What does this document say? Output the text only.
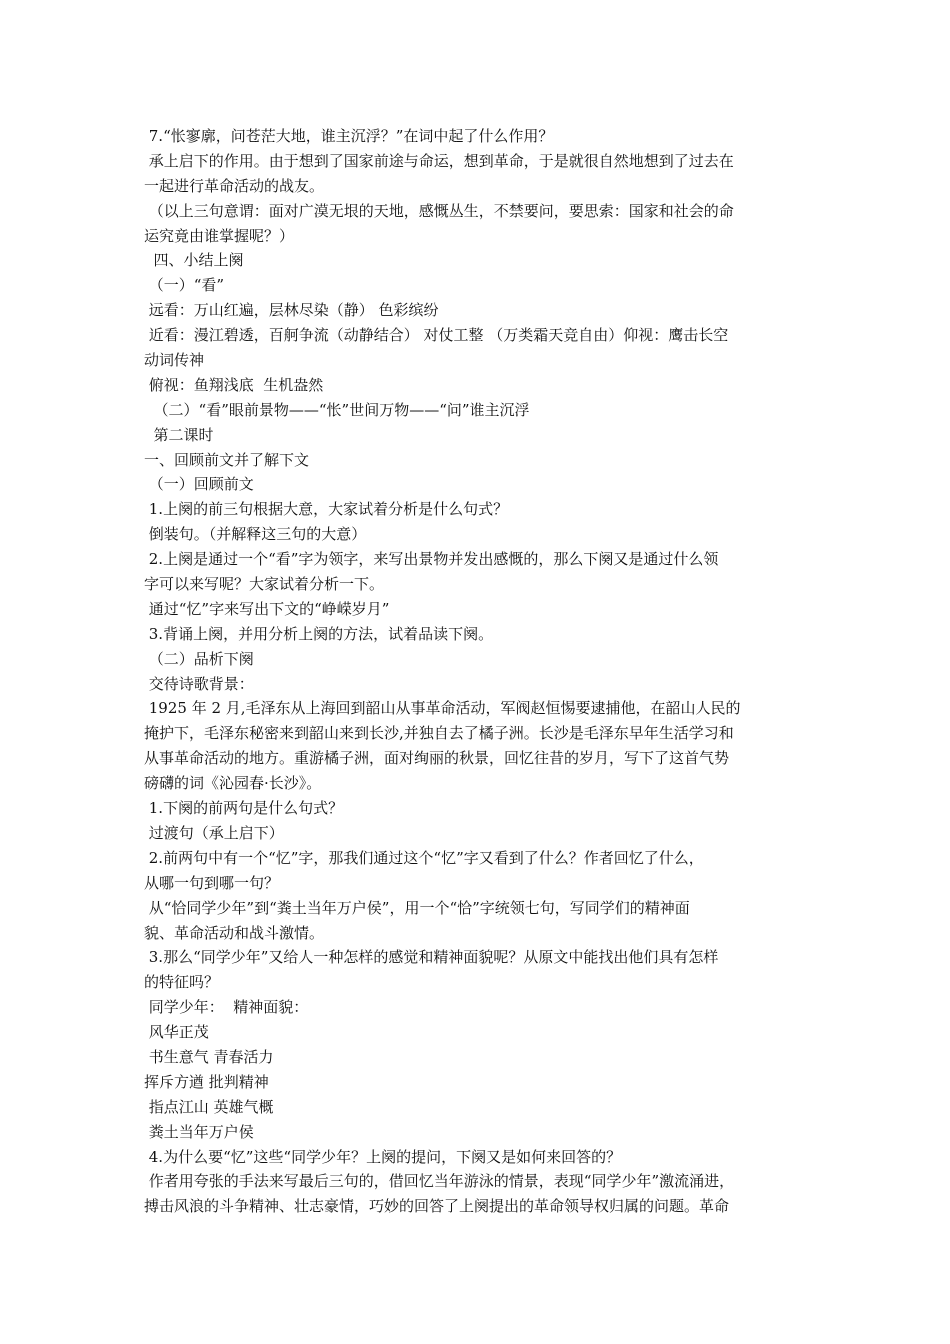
7.“怅寥廓，问苍茫大地，谁主沉浮？”在词中起了什么作用？
承上启下的作用。由于想到了国家前途与命运，想到革命，于是就很自然地想到了过去在
一起进行革命活动的战友。
（以上三句意谓：面对广漠无垠的天地，感慨丛生，不禁要问，要思索：国家和社会的命
运究竟由谁掌握呢？）
四、小结上阕
（一）“看”
远看：万山红遍，层林尽染（静） 色彩缤纷
近看：漫江碧透，百舸争流（动静结合） 对仗工整 （万类霜天竞自由）仰视：鹰击长空
动词传神
俯视：鱼翔浅底  生机盎然
（二）“看”眼前景物——“怅”世间万物——“问”谁主沉浮
第二课时
一、回顾前文并了解下文
（一）回顾前文
1.上阕的前三句根据大意，大家试着分析是什么句式？
倒装句。（并解释这三句的大意）
2.上阕是通过一个“看”字为领字，来写出景物并发出感慨的，那么下阕又是通过什么领
字可以来写呢？大家试着分析一下。
通过“忆”字来写出下文的“峥嵘岁月”
3.背诵上阕，并用分析上阕的方法，试着品读下阕。
（二）品析下阕
交待诗歌背景：
1925 年 2 月,毛泽东从上海回到韶山从事革命活动，军阀赵恒惕要逮捕他，在韶山人民的
掩护下，毛泽东秘密来到韶山来到长沙,并独自去了橘子洲。长沙是毛泽东早年生活学习和
从事革命活动的地方。重游橘子洲，面对绚丽的秋景，回忆往昔的岁月，写下了这首气势
磅礴的词《沁园春·长沙》。
1.下阕的前两句是什么句式？
过渡句（承上启下）
2.前两句中有一个“忆”字，那我们通过这个“忆”字又看到了什么？作者回忆了什么，
从哪一句到哪一句？
从“恰同学少年”到“粪土当年万户侯”，用一个“恰”字统领七句，写同学们的精神面
貌、革命活动和战斗激情。
3.那么“同学少年”又给人一种怎样的感觉和精神面貌呢？从原文中能找出他们具有怎样
的特征吗？
同学少年：  精神面貌：
风华正茂
书生意气 青春活力
挥斥方遒 批判精神
指点江山 英雄气概
粪土当年万户侯
4.为什么要“忆”这些“同学少年？上阕的提问，下阕又是如何来回答的？
作者用夸张的手法来写最后三句的，借回忆当年游泳的情景，表现“同学少年”激流涌进，
搏击风浪的斗争精神、壮志豪情，巧妙的回答了上阕提出的革命领导权归属的问题。革命
